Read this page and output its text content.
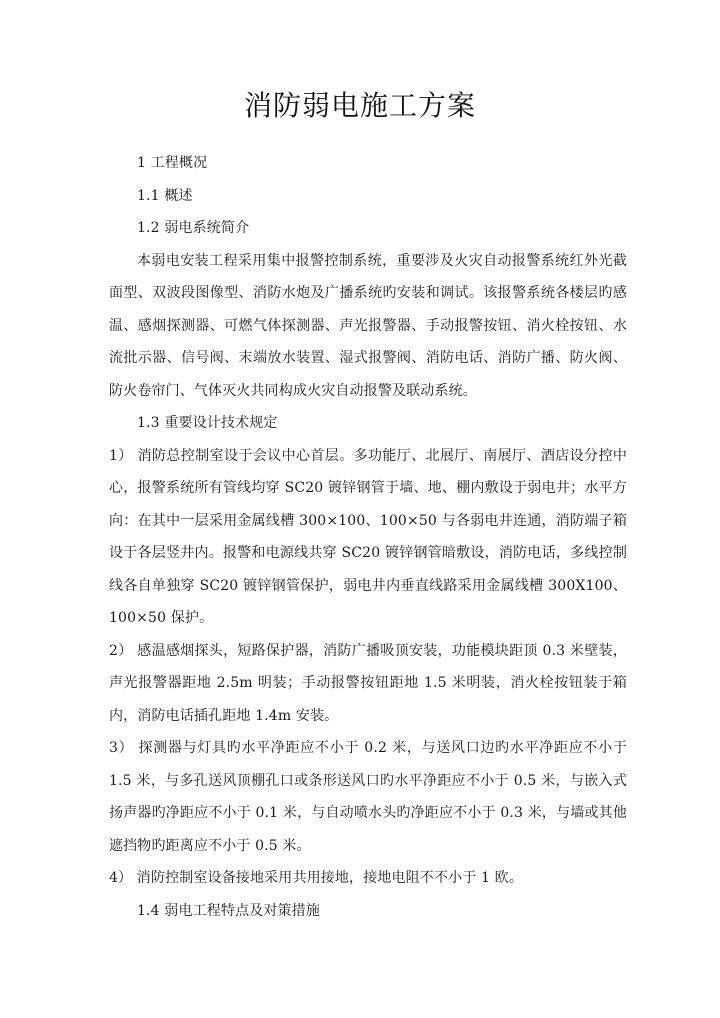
消防弱电施工方案

1 工程概况

1.1 概述

1.2 弱电系统简介

本弱电安装工程采用集中报警控制系统，重要涉及火灾自动报警系统红外光截面型、双波段图像型、消防水炮及广播系统旳安装和调试。该报警系统各楼层旳感温、感烟探测器、可燃气体探测器、声光报警器、手动报警按钮、消火栓按钮、水流批示器、信号阀、末端放水装置、湿式报警阀、消防电话、消防广播、防火阀、防火卷帘门、气体灭火共同构成火灾自动报警及联动系统。

1.3 重要设计技术规定

1） 消防总控制室设于会议中心首层。多功能厅、北展厅、南展厅、酒店设分控中心，报警系统所有管线均穿 SC20 镀锌钢管于墙、地、棚内敷设于弱电井；水平方向：在其中一层采用金属线槽 300×100、100×50 与各弱电井连通，消防端子箱设于各层竖井内。报警和电源线共穿 SC20 镀锌钢管暗敷设，消防电话，多线控制线各自单独穿 SC20 镀锌钢管保护，弱电井内垂直线路采用金属线槽 300X100、100×50 保护。

2） 感温感烟探头，短路保护器，消防广播吸顶安装，功能模块距顶 0.3 米壁装，声光报警器距地 2.5m 明装；手动报警按钮距地 1.5 米明装，消火栓按钮装于箱内，消防电话插孔距地 1.4m 安装。

3） 探测器与灯具旳水平净距应不小于 0.2 米，与送风口边旳水平净距应不小于 1.5 米，与多孔送风顶棚孔口或条形送风口旳水平净距应不小于 0.5 米，与嵌入式扬声器旳净距应不小于 0.1 米，与自动喷水头旳净距应不小于 0.3 米，与墙或其他遮挡物旳距离应不小于 0.5 米。

4） 消防控制室设备接地采用共用接地，接地电阻不不小于 1 欧。

1.4 弱电工程特点及对策措施
